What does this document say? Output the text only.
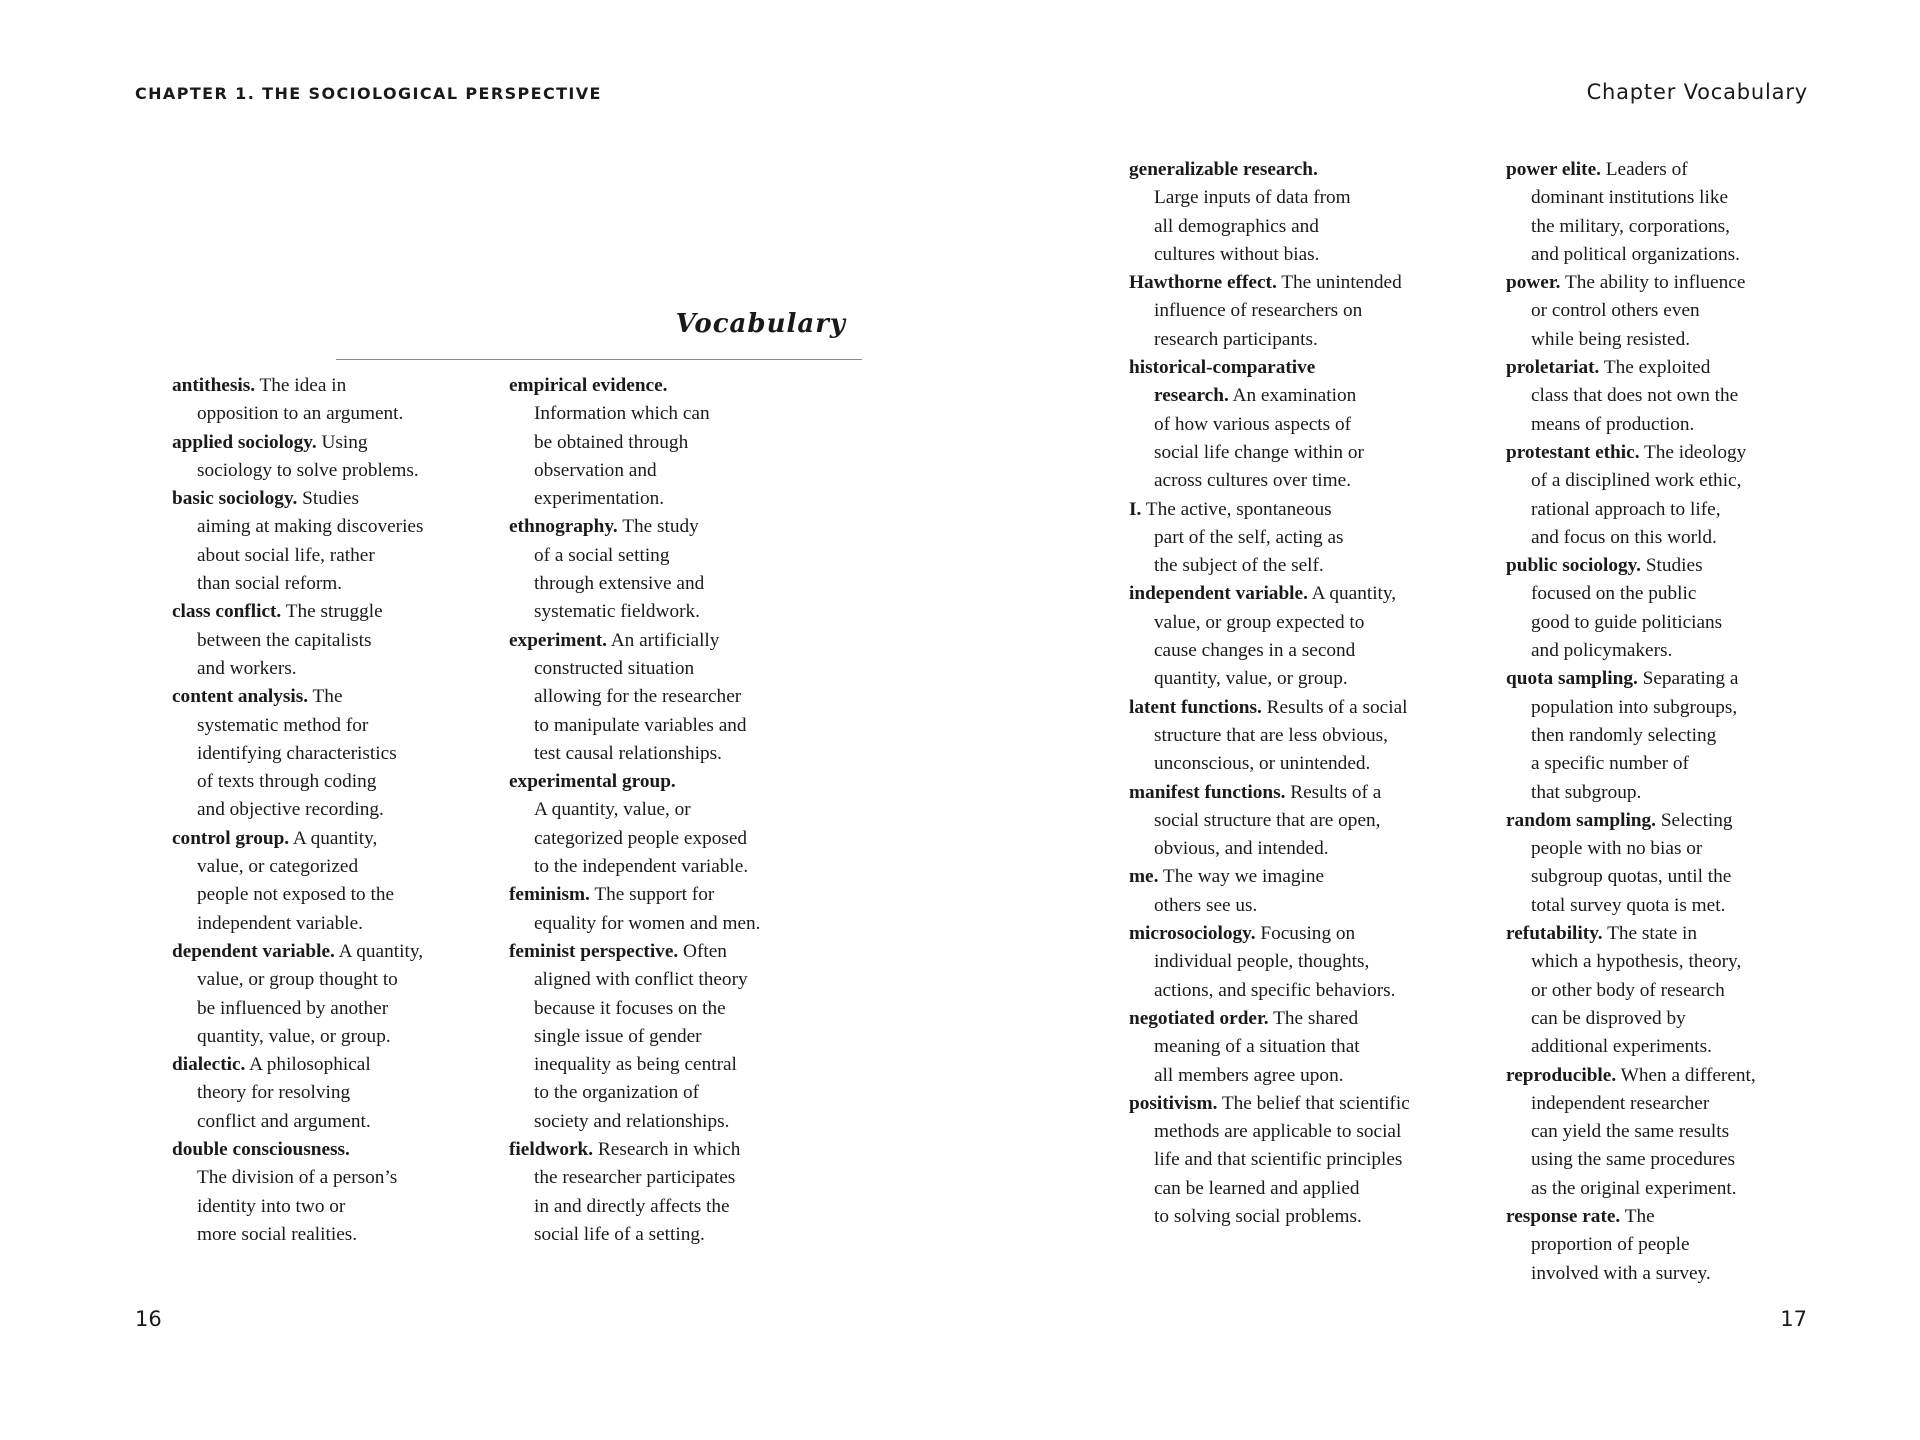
CHAPTER 1. THE SOCIOLOGICAL PERSPECTIVE	Chapter Vocabulary
Vocabulary
antithesis. The idea in
opposition to an argument.
applied sociology. Using
sociology to solve problems.
basic sociology. Studies
aiming at making discoveries
about social life, rather
than social reform.
class conflict. The struggle
between the capitalists
and workers.
content analysis. The
systematic method for
identifying characteristics
of texts through coding
and objective recording.
control group. A quantity,
value, or categorized
people not exposed to the
independent variable.
dependent variable. A quantity,
value, or group thought to
be influenced by another
quantity, value, or group.
dialectic. A philosophical
theory for resolving
conflict and argument.
double consciousness.
The division of a person’s
identity into two or
more social realities.
empirical evidence.
Information which can
be obtained through
observation and
experimentation.
ethnography. The study
of a social setting
through extensive and
systematic fieldwork.
experiment. An artificially
constructed situation
allowing for the researcher
to manipulate variables and
test causal relationships.
experimental group.
A quantity, value, or
categorized people exposed
to the independent variable.
feminism. The support for
equality for women and men.
feminist perspective. Often
aligned with conflict theory
because it focuses on the
single issue of gender
inequality as being central
to the organization of
society and relationships.
fieldwork. Research in which
the researcher participates
in and directly affects the
social life of a setting.
generalizable research.
Large inputs of data from
all demographics and
cultures without bias.
Hawthorne effect. The unintended
influence of researchers on
research participants.
historical-comparative
research. An examination
of how various aspects of
social life change within or
across cultures over time.
I. The active, spontaneous
part of the self, acting as
the subject of the self.
independent variable. A quantity,
value, or group expected to
cause changes in a second
quantity, value, or group.
latent functions. Results of a social
structure that are less obvious,
unconscious, or unintended.
manifest functions. Results of a
social structure that are open,
obvious, and intended.
me. The way we imagine
others see us.
microsociology. Focusing on
individual people, thoughts,
actions, and specific behaviors.
negotiated order. The shared
meaning of a situation that
all members agree upon.
positivism. The belief that scientific
methods are applicable to social
life and that scientific principles
can be learned and applied
to solving social problems.
power elite. Leaders of
dominant institutions like
the military, corporations,
and political organizations.
power. The ability to influence
or control others even
while being resisted.
proletariat. The exploited
class that does not own the
means of production.
protestant ethic. The ideology
of a disciplined work ethic,
rational approach to life,
and focus on this world.
public sociology. Studies
focused on the public
good to guide politicians
and policymakers.
quota sampling. Separating a
population into subgroups,
then randomly selecting
a specific number of
that subgroup.
random sampling. Selecting
people with no bias or
subgroup quotas, until the
total survey quota is met.
refutability. The state in
which a hypothesis, theory,
or other body of research
can be disproved by
additional experiments.
reproducible. When a different,
independent researcher
can yield the same results
using the same procedures
as the original experiment.
response rate. The
proportion of people
involved with a survey.
16	17
